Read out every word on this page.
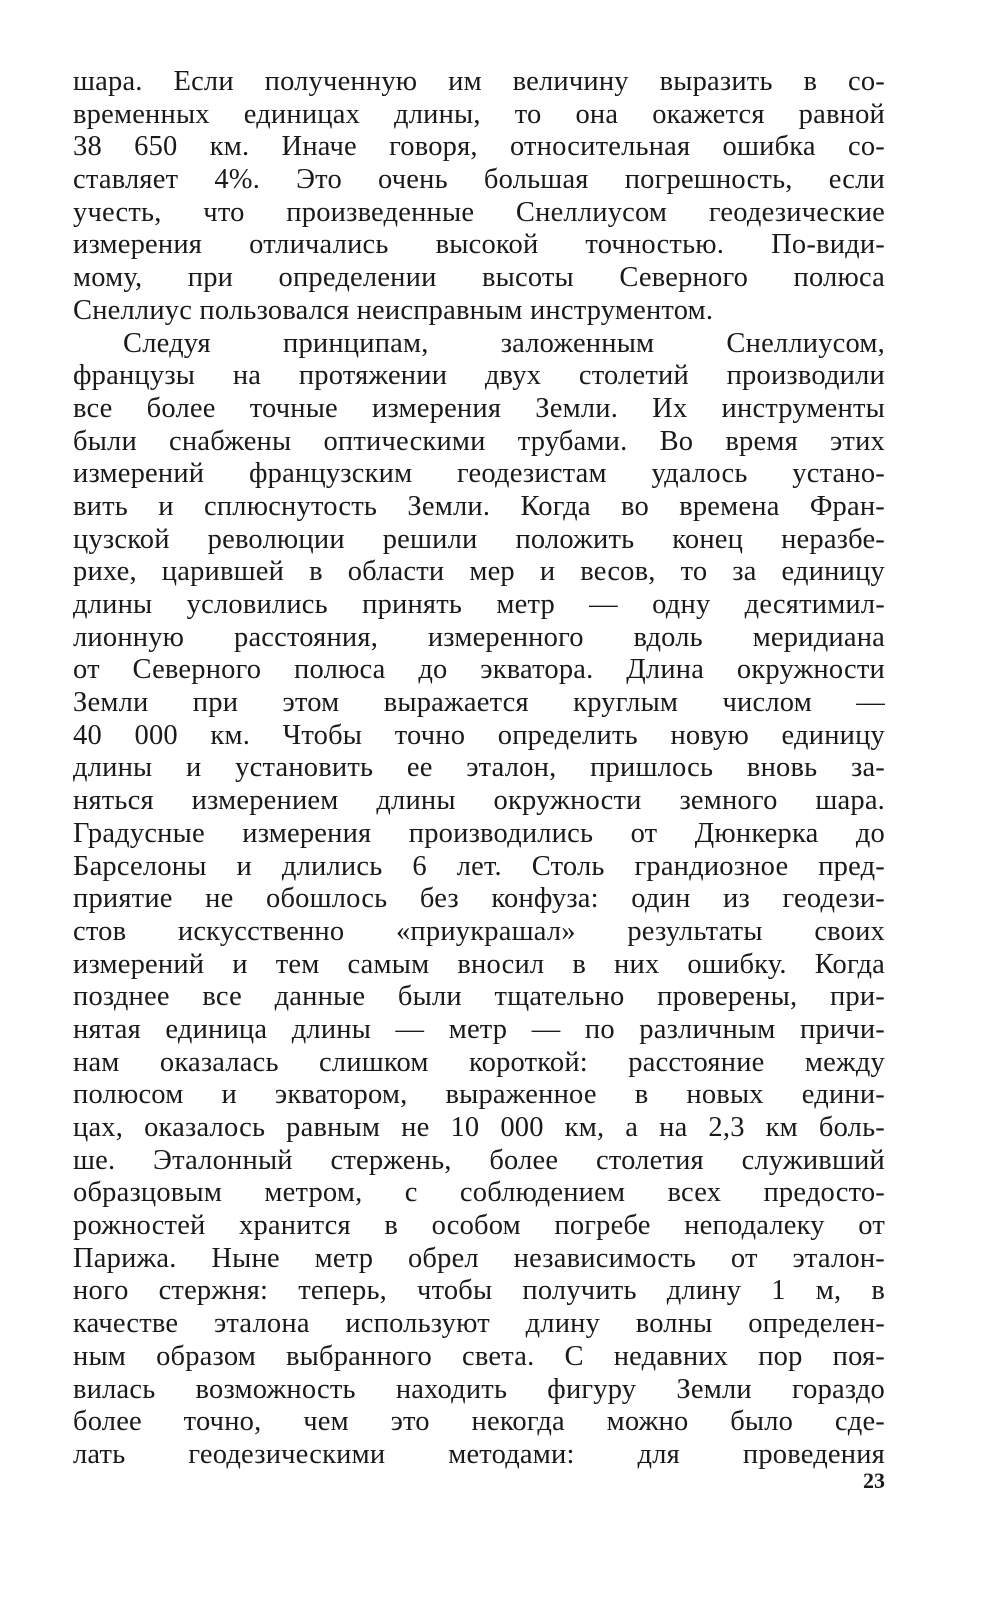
шара. Если полученную им величину выразить в со-
временных единицах длины, то она окажется равной
38 650 км. Иначе говоря, относительная ошибка со-
ставляет 4%. Это очень большая погрешность, если
учесть, что произведенные Снеллиусом геодезические
измерения отличались высокой точностью. По-види-
мому, при определении высоты Северного полюса
Снеллиус пользовался неисправным инструментом.
Следуя принципам, заложенным Снеллиусом,
французы на протяжении двух столетий производили
все более точные измерения Земли. Их инструменты
были снабжены оптическими трубами. Во время этих
измерений французским геодезистам удалось устано-
вить и сплюснутость Земли. Когда во времена Фран-
цузской революции решили положить конец неразбе-
рихе, царившей в области мер и весов, то за единицу
длины условились принять метр — одну десятимил-
лионную расстояния, измеренного вдоль меридиана
от Северного полюса до экватора. Длина окружности
Земли при этом выражается круглым числом —
40 000 км. Чтобы точно определить новую единицу
длины и установить ее эталон, пришлось вновь за-
няться измерением длины окружности земного шара.
Градусные измерения производились от Дюнкерка до
Барселоны и длились 6 лет. Столь грандиозное пред-
приятие не обошлось без конфуза: один из геодези-
стов искусственно «приукрашал» результаты своих
измерений и тем самым вносил в них ошибку. Когда
позднее все данные были тщательно проверены, при-
нятая единица длины — метр — по различным причи-
нам оказалась слишком короткой: расстояние между
полюсом и экватором, выраженное в новых едини-
цах, оказалось равным не 10 000 км, а на 2,3 км боль-
ше. Эталонный стержень, более столетия служивший
образцовым метром, с соблюдением всех предосто-
рожностей хранится в особом погребе неподалеку от
Парижа. Ныне метр обрел независимость от эталон-
ного стержня: теперь, чтобы получить длину 1 м, в
качестве эталона используют длину волны определен-
ным образом выбранного света. С недавних пор поя-
вилась возможность находить фигуру Земли гораздо
более точно, чем это некогда можно было сде-
лать геодезическими методами: для проведения
23
